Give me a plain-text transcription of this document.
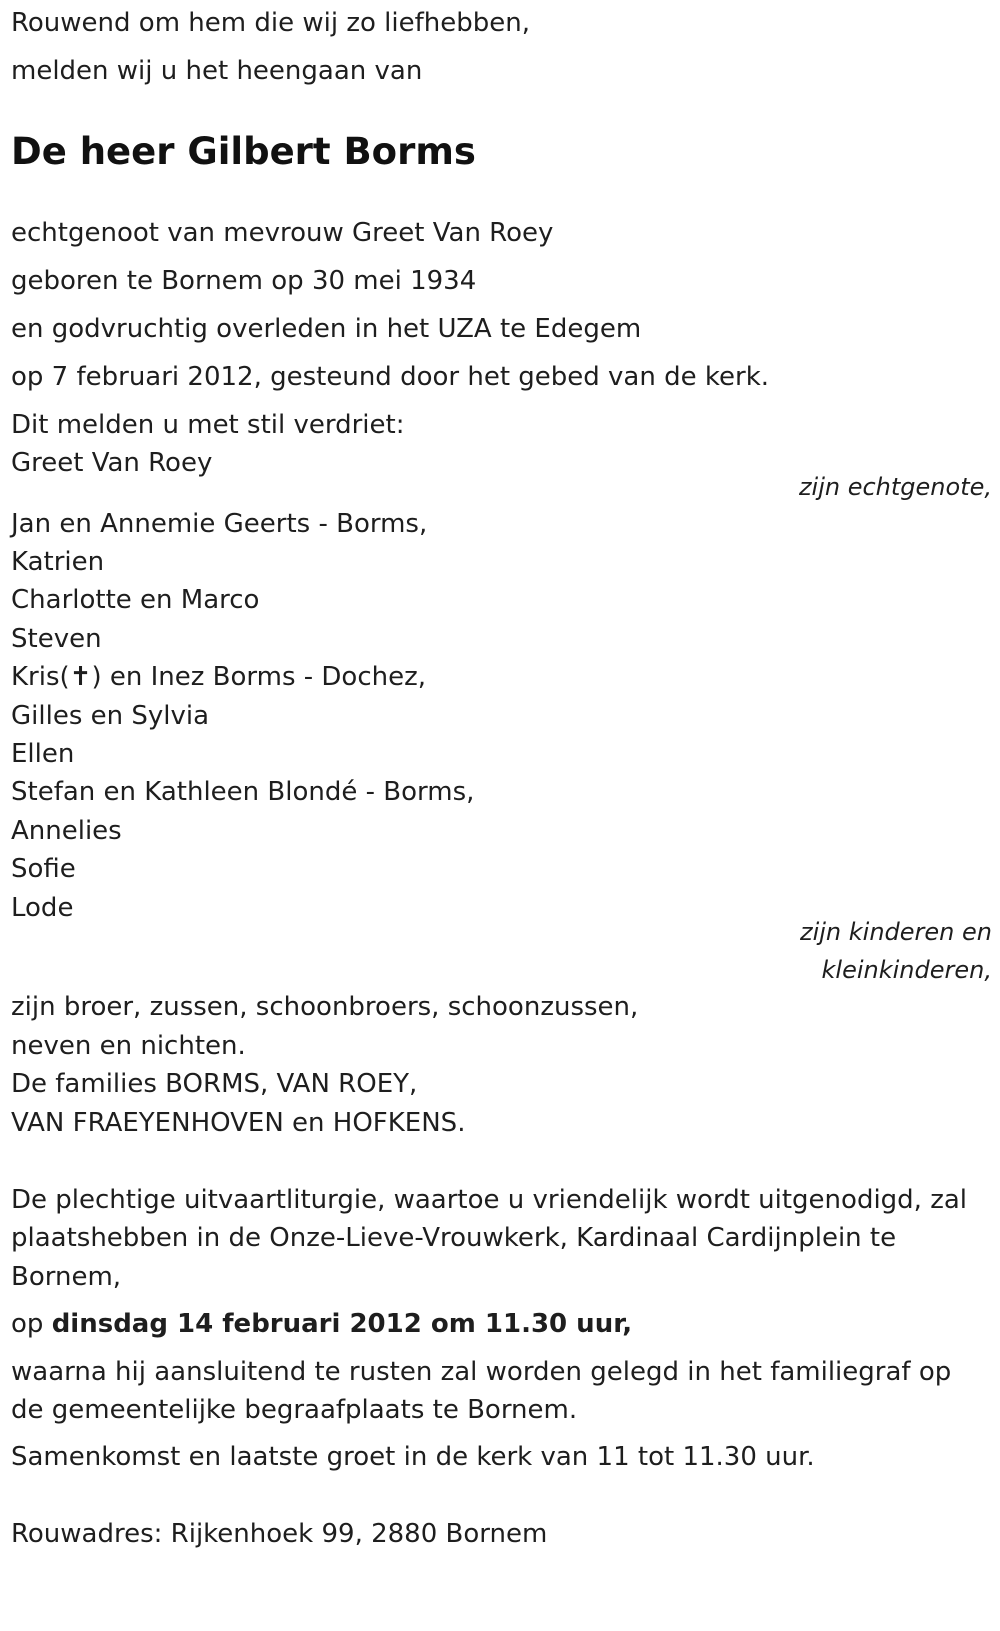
Rouwend om hem die wij zo liefhebben,
melden wij u het heengaan van
De heer Gilbert Borms
echtgenoot van mevrouw Greet Van Roey
geboren te Bornem op 30 mei 1934
en godvruchtig overleden in het UZA te Edegem
op 7 februari 2012, gesteund door het gebed van de kerk.
Dit melden u met stil verdriet:
Greet Van Roey
zijn echtgenote,
Jan en Annemie Geerts - Borms,
Katrien
Charlotte en Marco
Steven
Kris(✝) en Inez Borms - Dochez,
Gilles en Sylvia
Ellen
Stefan en Kathleen Blondé - Borms,
Annelies
Sofie
Lode
zijn kinderen en
kleinkinderen,
zijn broer, zussen, schoonbroers, schoonzussen,
neven en nichten.
De families BORMS, VAN ROEY,
VAN FRAEYENHOVEN en HOFKENS.
De plechtige uitvaartliturgie, waartoe u vriendelijk wordt uitgenodigd, zal
plaatshebben in de Onze-Lieve-Vrouwkerk, Kardinaal Cardijnplein te
Bornem,
op dinsdag 14 februari 2012 om 11.30 uur,
waarna hij aansluitend te rusten zal worden gelegd in het familiegraf op
de gemeentelijke begraafplaats te Bornem.
Samenkomst en laatste groet in de kerk van 11 tot 11.30 uur.
Rouwadres: Rijkenhoek 99, 2880 Bornem
